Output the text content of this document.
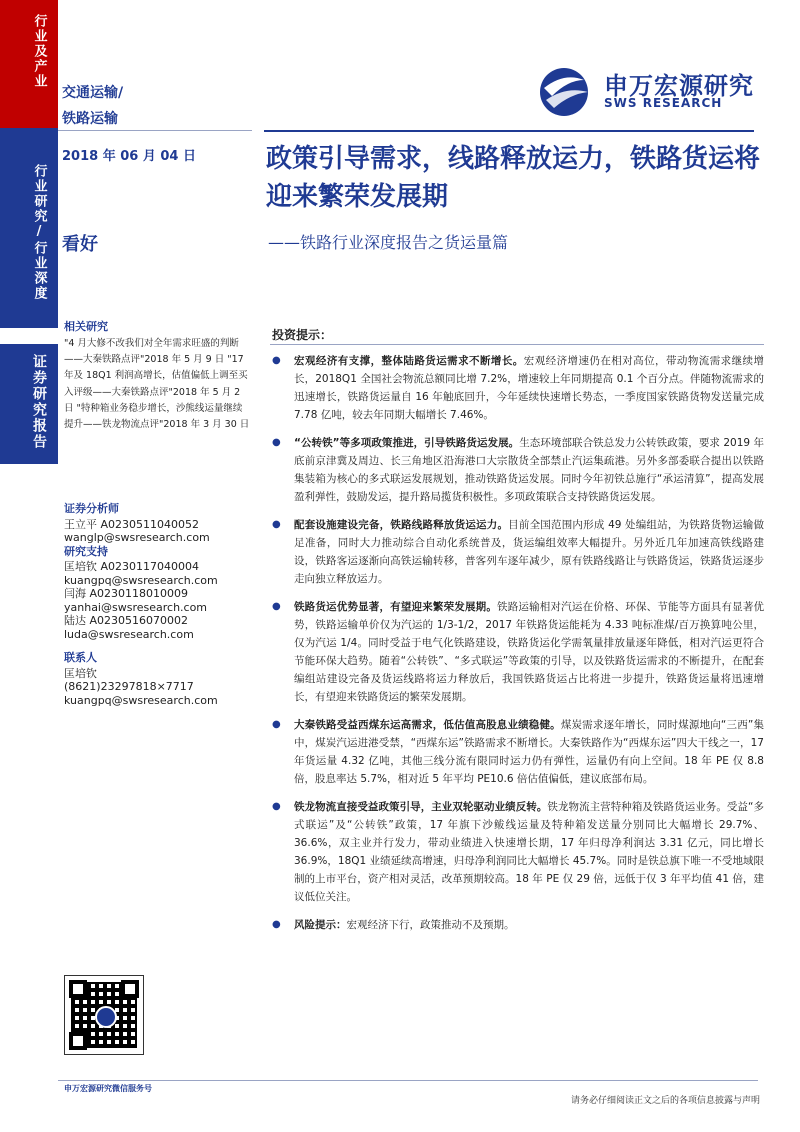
行业及产业
行业研究/行业深度
证券研究报告
交通运输/
铁路运输
申万宏源研究
SWS RESEARCH
2018 年 06 月 04 日
看好
政策引导需求，线路释放运力，铁路货运将迎来繁荣发展期
——铁路行业深度报告之货运量篇
相关研究
"4 月大修不改我们对全年需求旺盛的判断——大秦铁路点评"2018 年 5 月 9 日 "17 年及 18Q1 利润高增长，估值偏低上调至买入评级——大秦铁路点评"2018 年 5 月 2 日 "特种箱业务稳步增长，沙熊线运量继续提升——铁龙物流点评"2018 年 3 月 30 日
证券分析师
王立平 A0230511040052
wanglp@swsresearch.com
研究支持
匡培钦 A0230117040004
kuangpq@swsresearch.com
闫海 A0230118010009
yanhai@swsresearch.com
陆达 A0230516070002
luda@swsresearch.com
联系人
匡培钦
(8621)23297818×7717
kuangpq@swsresearch.com
申万宏源研究微信服务号
请务必仔细阅读正文之后的各项信息披露与声明
投资提示：
● 宏观经济有支撑，整体陆路货运需求不断增长。宏观经济增速仍在相对高位，带动物流需求继续增长，2018Q1 全国社会物流总额同比增 7.2%，增速较上年同期提高 0.1 个百分点。伴随物流需求的迅速增长，铁路货运量自 16 年触底回升，今年延续快速增长势态，一季度国家铁路货物发送量完成 7.78 亿吨，较去年同期大幅增长 7.46%。
● “公转铁”等多项政策推进，引导铁路货运发展。生态环境部联合铁总发力公转铁政策，要求 2019 年底前京津冀及周边、长三角地区沿海港口大宗散货全部禁止汽运集疏港。另外多部委联合提出以铁路集装箱为核心的多式联运发展规划，推动铁路货运发展。同时今年初铁总施行“承运清算”，提高发展盈利弹性，鼓励发运，提升路局揽货积极性。多项政策联合支持铁路货运发展。
● 配套设施建设完备，铁路线路释放货运运力。目前全国范围内形成 49 处编组站，为铁路货物运输做足准备，同时大力推动综合自动化系统普及，货运编组效率大幅提升。另外近几年加速高铁线路建设，铁路客运逐渐向高铁运输转移，普客列车逐年减少，原有铁路线路让与铁路货运，铁路货运逐步走向独立释放运力。
● 铁路货运优势显著，有望迎来繁荣发展期。铁路运输相对汽运在价格、环保、节能等方面具有显著优势，铁路运输单价仅为汽运的 1/3-1/2，2017 年铁路货运能耗为 4.33 吨标准煤/百万换算吨公里，仅为汽运 1/4。同时受益于电气化铁路建设，铁路货运化学需氧量排放量逐年降低，相对汽运更符合节能环保大趋势。随着“公转铁”、“多式联运”等政策的引导，以及铁路货运需求的不断提升，在配套编组站建设完备及货运线路将运力释放后，我国铁路货运占比将进一步提升，铁路货运量将迅速增长，有望迎来铁路货运的繁荣发展期。
● 大秦铁路受益西煤东运高需求，低估值高股息业绩稳健。煤炭需求逐年增长，同时煤源地向“三西”集中，煤炭汽运进港受禁，“西煤东运”铁路需求不断增长。大秦铁路作为“西煤东运”四大干线之一，17 年货运量 4.32 亿吨，其他三线分流有限同时运力仍有弹性，运量仍有向上空间。18 年 PE 仅 8.8 倍，股息率达 5.7%，相对近 5 年平均 PE10.6 倍估值偏低，建议底部布局。
● 铁龙物流直接受益政策引导，主业双轮驱动业绩反转。铁龙物流主营特种箱及铁路货运业务。受益“多式联运”及“公转铁”政策，17 年旗下沙鲅线运量及特种箱发送量分别同比大幅增长 29.7%、36.6%，双主业并行发力，带动业绩进入快速增长期，17 年归母净利润达 3.31 亿元，同比增长 36.9%，18Q1 业绩延续高增速，归母净利润同比大幅增长 45.7%。同时是铁总旗下唯一不受地域限制的上市平台，资产相对灵活，改革预期较高。18 年 PE 仅 29 倍，远低于仅 3 年平均值 41 倍，建议低位关注。
● 风险提示：宏观经济下行，政策推动不及预期。
